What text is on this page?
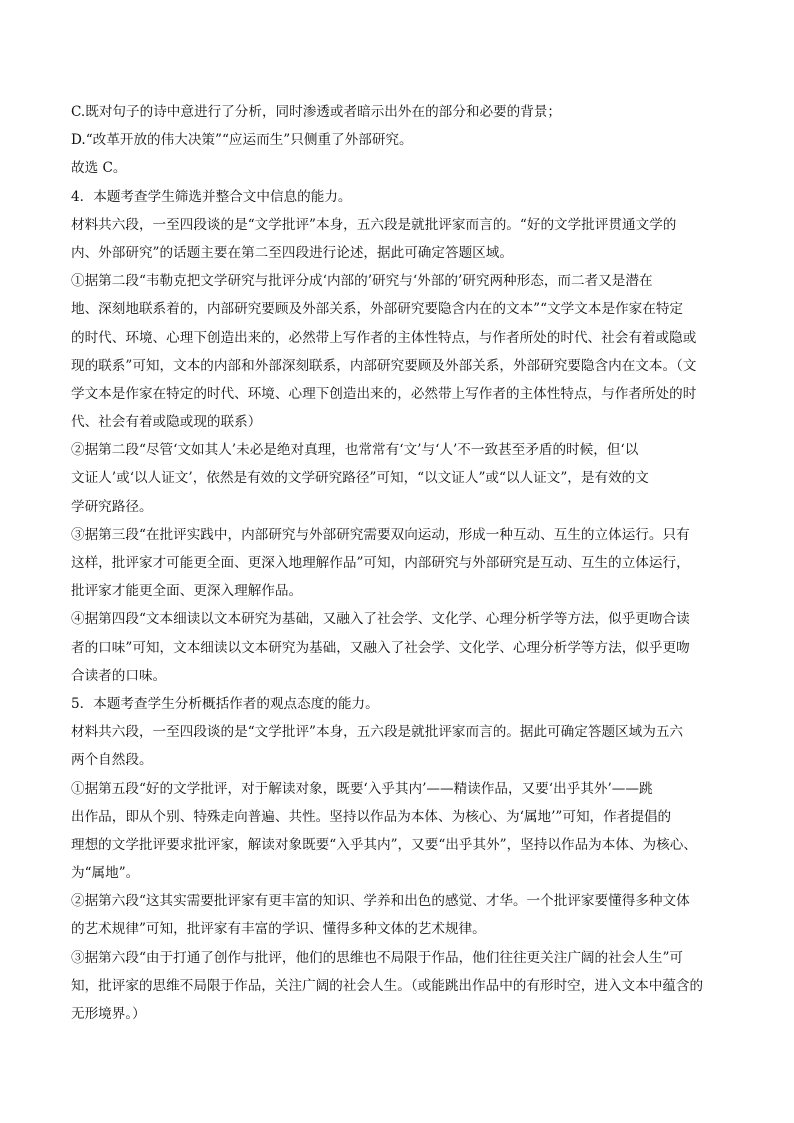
C.既对句子的诗中意进行了分析，同时渗透或者暗示出外在的部分和必要的背景；
D.“改革开放的伟大决策”“应运而生”只侧重了外部研究。
故选 C。
4．本题考查学生筛选并整合文中信息的能力。
材料共六段，一至四段谈的是“文学批评”本身，五六段是就批评家而言的。“好的文学批评贯通文学的
内、外部研究”的话题主要在第二至四段进行论述，据此可确定答题区域。
①据第二段“韦勒克把文学研究与批评分成‘内部的’研究与‘外部的’研究两种形态，而二者又是潜在
地、深刻地联系着的，内部研究要顾及外部关系，外部研究要隐含内在的文本”“文学文本是作家在特定
的时代、环境、心理下创造出来的，必然带上写作者的主体性特点，与作者所处的时代、社会有着或隐或
现的联系”可知，文本的内部和外部深刻联系，内部研究要顾及外部关系，外部研究要隐含内在文本。（文
学文本是作家在特定的时代、环境、心理下创造出来的，必然带上写作者的主体性特点，与作者所处的时
代、社会有着或隐或现的联系）
②据第二段“尽管‘文如其人’未必是绝对真理，也常常有‘文’与‘人’不一致甚至矛盾的时候，但‘以
文证人’或‘以人证文’，依然是有效的文学研究路径”可知，“以文证人”或“以人证文”，是有效的文
学研究路径。
③据第三段“在批评实践中，内部研究与外部研究需要双向运动，形成一种互动、互生的立体运行。只有
这样，批评家才可能更全面、更深入地理解作品”可知，内部研究与外部研究是互动、互生的立体运行，
批评家才能更全面、更深入理解作品。
④据第四段“文本细读以文本研究为基础，又融入了社会学、文化学、心理分析学等方法，似乎更吻合读
者的口味”可知，文本细读以文本研究为基础，又融入了社会学、文化学、心理分析学等方法，似乎更吻
合读者的口味。
5．本题考查学生分析概括作者的观点态度的能力。
材料共六段，一至四段谈的是“文学批评”本身，五六段是就批评家而言的。据此可确定答题区域为五六
两个自然段。
①据第五段“好的文学批评，对于解读对象，既要‘入乎其内’——精读作品，又要‘出乎其外’——跳
出作品，即从个别、特殊走向普遍、共性。坚持以作品为本体、为核心、为‘属地’”可知，作者提倡的
理想的文学批评要求批评家，解读对象既要“入乎其内”，又要“出乎其外”，坚持以作品为本体、为核心、
为“属地”。
②据第六段“这其实需要批评家有更丰富的知识、学养和出色的感觉、才华。一个批评家要懂得多种文体
的艺术规律”可知，批评家有丰富的学识、懂得多种文体的艺术规律。
③据第六段“由于打通了创作与批评，他们的思维也不局限于作品，他们往往更关注广阔的社会人生”可
知，批评家的思维不局限于作品，关注广阔的社会人生。（或能跳出作品中的有形时空，进入文本中蕴含的
无形境界。）
